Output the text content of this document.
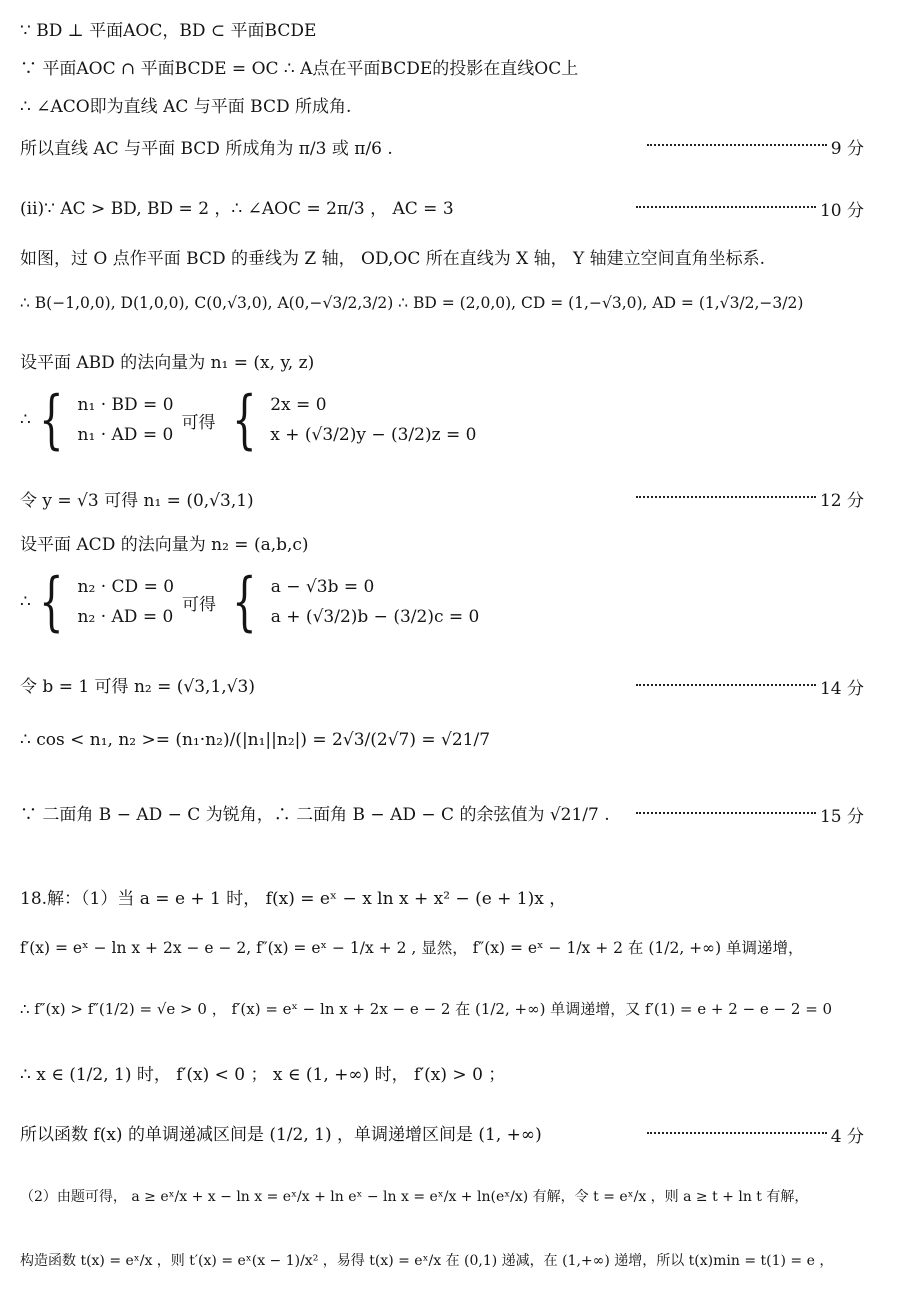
∵ BD ⊥ 平面AOC，BD ⊂ 平面BCDE
∵ 平面AOC ∩ 平面BCDE = OC ∴ A点在平面BCDE的投影在直线OC上
∴ ∠ACO即为直线 AC 与平面 BCD 所成角.
所以直线 AC 与平面 BCD 所成角为 π/3 或 π/6 .	9 分
(ii)∵ AC > BD, BD = 2 ，∴ ∠AOC = 2π/3 ， AC = 3	10 分
如图，过 O 点作平面 BCD 的垂线为 Z 轴， OD,OC 所在直线为 X 轴， Y 轴建立空间直角坐标系.
∴ B(−1,0,0), D(1,0,0), C(0,√3,0), A(0,−√3/2,3/2) ∴ BD = (2,0,0), CD = (1,−√3,0), AD = (1,√3/2,−3/2)
设平面 ABD 的法向量为 n₁ = (x, y, z)
∴ { n₁ · BD = 0
n₁ · AD = 0
可得 { 2x = 0
x + (√3/2)y − (3/2)z = 0
令 y = √3 可得 n₁ = (0,√3,1)	12 分
设平面 ACD 的法向量为 n₂ = (a,b,c)
∴ { n₂ · CD = 0
n₂ · AD = 0
可得 { a − √3b = 0
a + (√3/2)b − (3/2)c = 0
令 b = 1 可得 n₂ = (√3,1,√3)	14 分
∴ cos < n₁, n₂ >= (n₁·n₂)/(|n₁||n₂|) = 2√3/(2√7) = √21/7
∵ 二面角 B − AD − C 为锐角，∴ 二面角 B − AD − C 的余弦值为 √21/7 .	15 分
18.解：（1）当 a = e + 1 时， f(x) = eˣ − x ln x + x² − (e + 1)x ，
f′(x) = eˣ − ln x + 2x − e − 2, f″(x) = eˣ − 1/x + 2 , 显然， f″(x) = eˣ − 1/x + 2 在 (1/2, +∞) 单调递增，
∴ f″(x) > f″(1/2) = √e > 0 ， f′(x) = eˣ − ln x + 2x − e − 2 在 (1/2, +∞) 单调递增，又 f′(1) = e + 2 − e − 2 = 0
∴ x ∈ (1/2, 1) 时， f′(x) < 0 ； x ∈ (1, +∞) 时， f′(x) > 0 ；
所以函数 f(x) 的单调递减区间是 (1/2, 1) ，单调递增区间是 (1, +∞)	4 分
（2）由题可得， a ≥ eˣ/x + x − ln x = eˣ/x + ln eˣ − ln x = eˣ/x + ln(eˣ/x) 有解，令 t = eˣ/x ，则 a ≥ t + ln t 有解，
构造函数 t(x) = eˣ/x ，则 t′(x) = eˣ(x − 1)/x² ，易得 t(x) = eˣ/x 在 (0,1) 递减，在 (1,+∞) 递增，所以 t(x)min = t(1) = e ，
